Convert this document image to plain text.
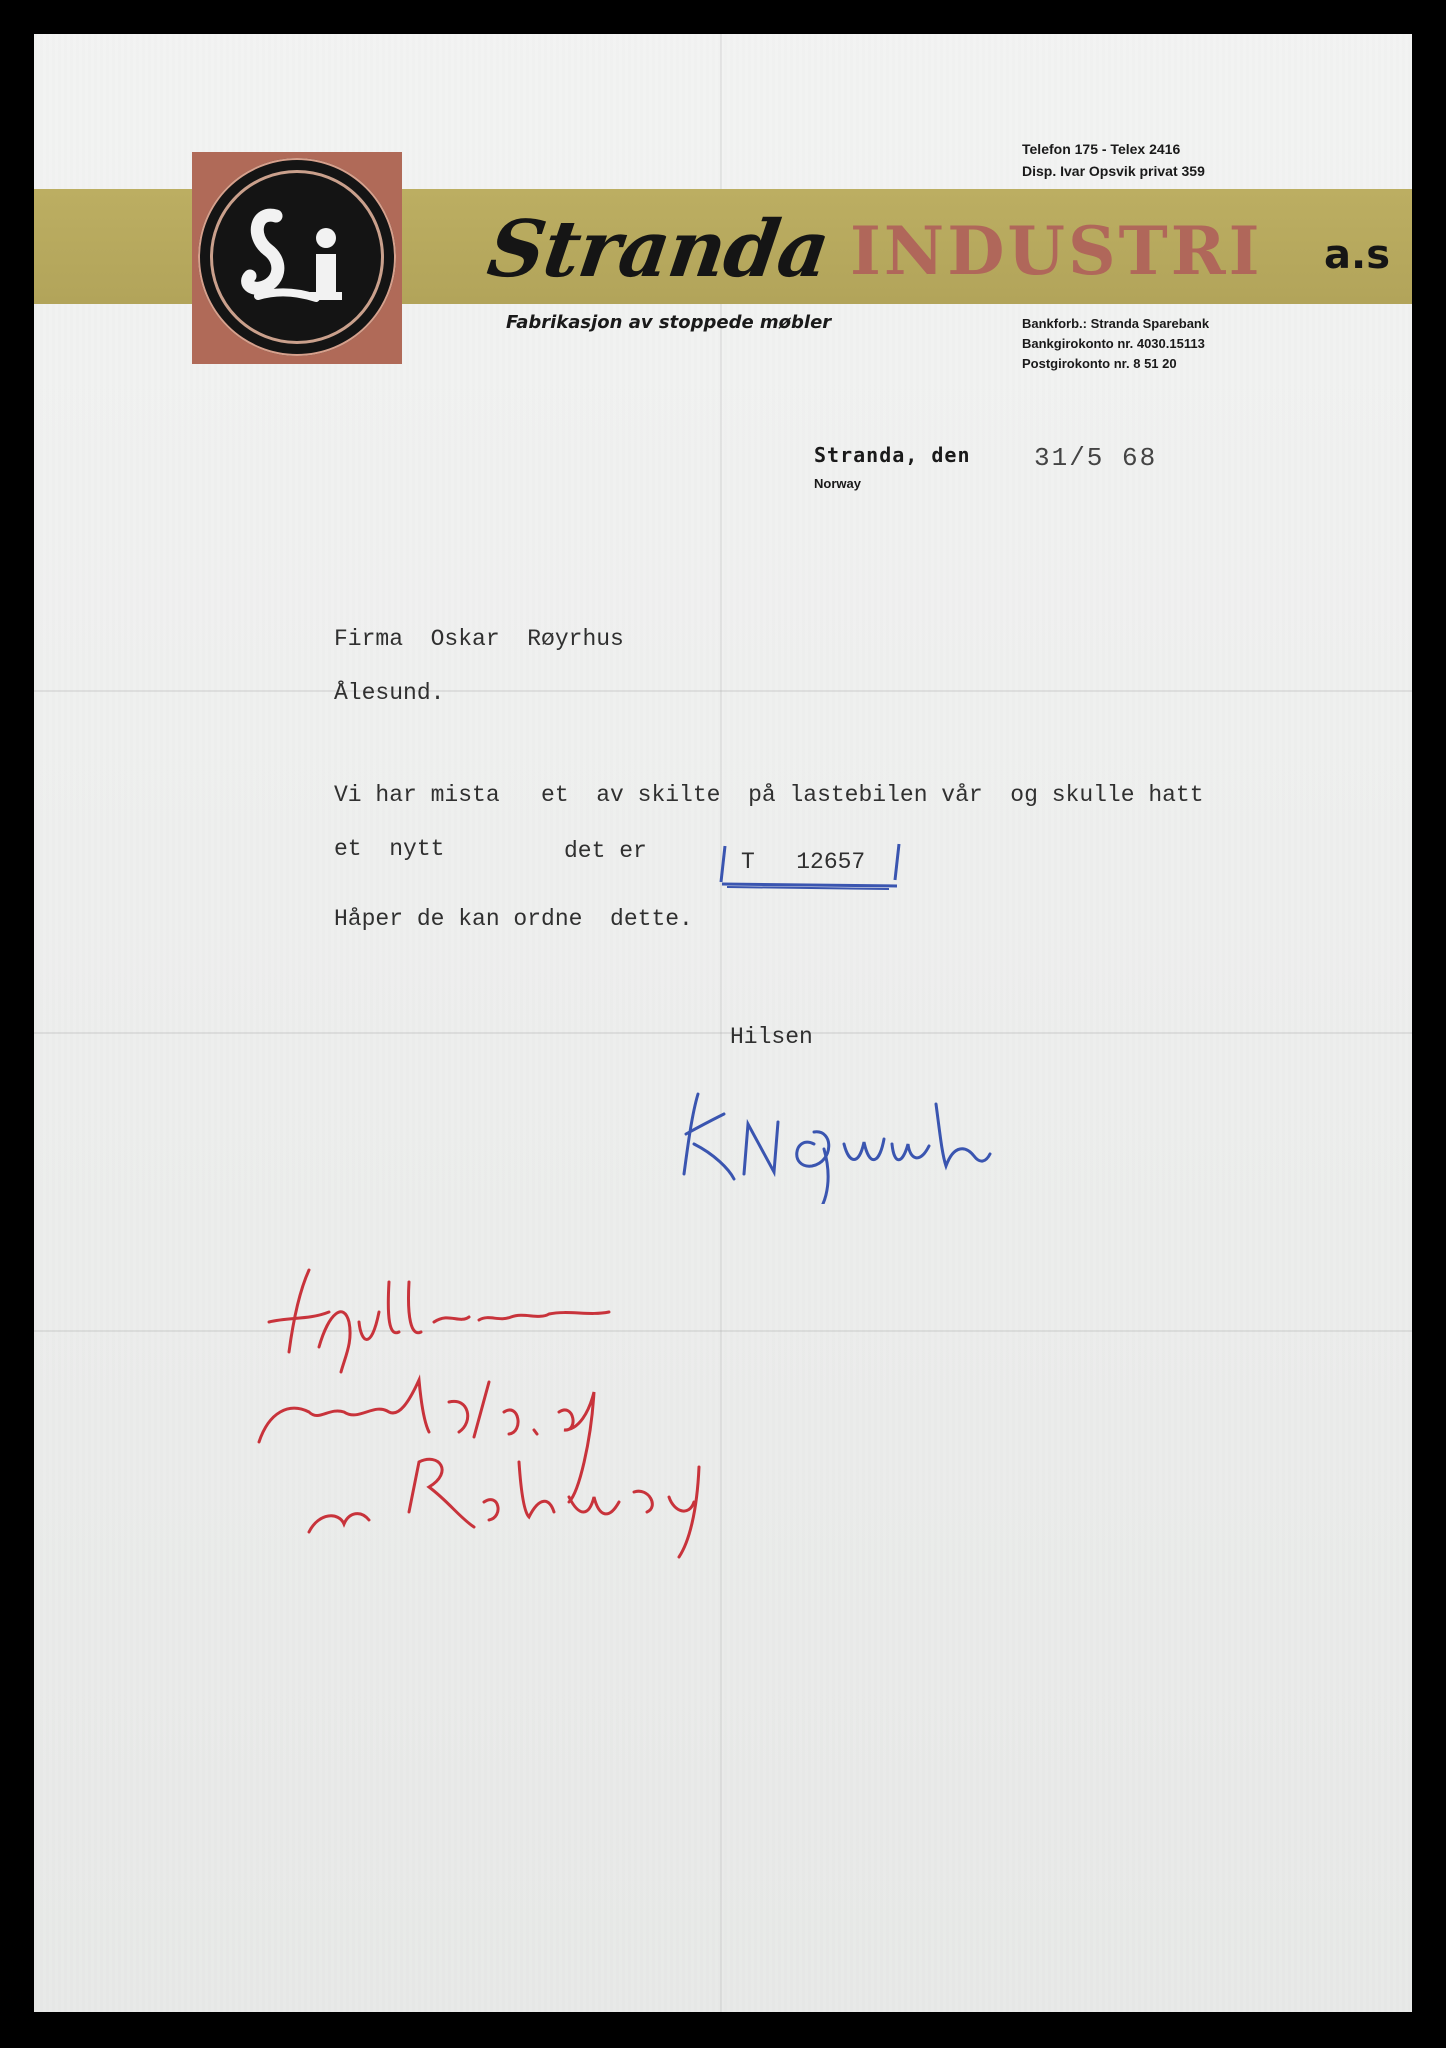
Stranda INDUSTRI a.s
Fabrikasjon av stoppede møbler
Telefon 175 - Telex 2416
Disp. Ivar Opsvik privat 359
Bankforb.: Stranda Sparebank
Bankgirokonto nr. 4030.15113
Postgirokonto nr. 8 51 20
Stranda, den
Norway
31/5 68
Firma  Oskar  Røyrhus
Ålesund.
Vi har mista   et  av skilte  på lastebilen vår  og skulle hatt
et  nytt	det er	T   12657
Håper de kan ordne  dette.
Hilsen
